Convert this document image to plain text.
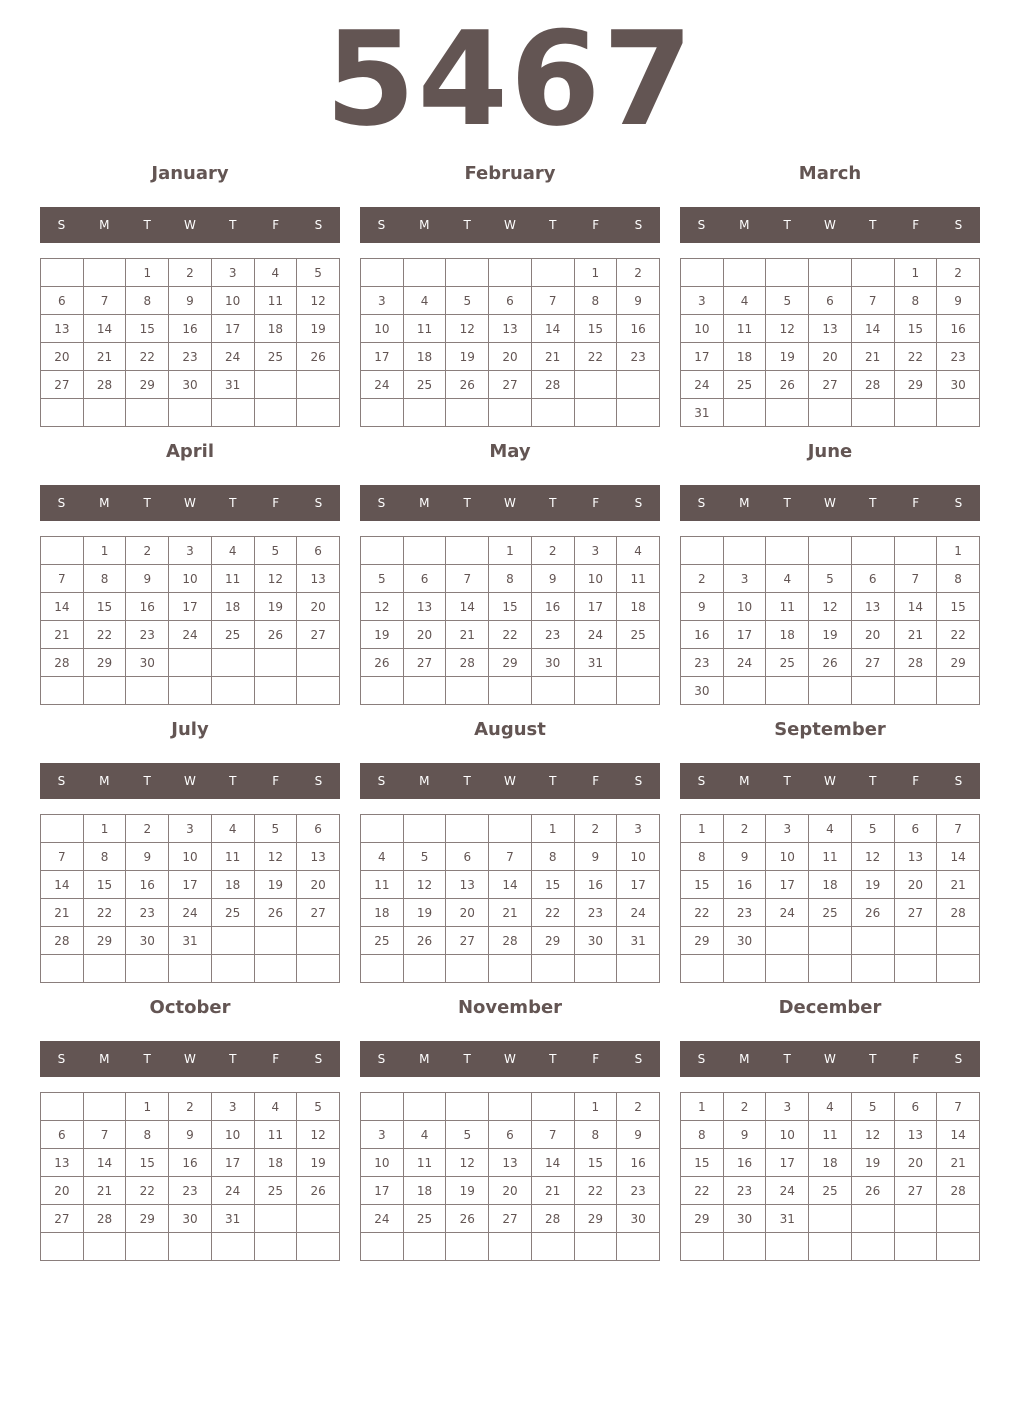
5467
January
S	M	T	W	T	F	S
		1	2	3	4	5
6	7	8	9	10	11	12
13	14	15	16	17	18	19
20	21	22	23	24	25	26
27	28	29	30	31		

February
S	M	T	W	T	F	S
					1	2
3	4	5	6	7	8	9
10	11	12	13	14	15	16
17	18	19	20	21	22	23
24	25	26	27	28		

March
S	M	T	W	T	F	S
					1	2
3	4	5	6	7	8	9
10	11	12	13	14	15	16
17	18	19	20	21	22	23
24	25	26	27	28	29	30
31						
April
S	M	T	W	T	F	S
	1	2	3	4	5	6
7	8	9	10	11	12	13
14	15	16	17	18	19	20
21	22	23	24	25	26	27
28	29	30				

May
S	M	T	W	T	F	S
			1	2	3	4
5	6	7	8	9	10	11
12	13	14	15	16	17	18
19	20	21	22	23	24	25
26	27	28	29	30	31	

June
S	M	T	W	T	F	S
						1
2	3	4	5	6	7	8
9	10	11	12	13	14	15
16	17	18	19	20	21	22
23	24	25	26	27	28	29
30						
July
S	M	T	W	T	F	S
	1	2	3	4	5	6
7	8	9	10	11	12	13
14	15	16	17	18	19	20
21	22	23	24	25	26	27
28	29	30	31			

August
S	M	T	W	T	F	S
				1	2	3
4	5	6	7	8	9	10
11	12	13	14	15	16	17
18	19	20	21	22	23	24
25	26	27	28	29	30	31

September
S	M	T	W	T	F	S
1	2	3	4	5	6	7
8	9	10	11	12	13	14
15	16	17	18	19	20	21
22	23	24	25	26	27	28
29	30					

October
S	M	T	W	T	F	S
		1	2	3	4	5
6	7	8	9	10	11	12
13	14	15	16	17	18	19
20	21	22	23	24	25	26
27	28	29	30	31		

November
S	M	T	W	T	F	S
					1	2
3	4	5	6	7	8	9
10	11	12	13	14	15	16
17	18	19	20	21	22	23
24	25	26	27	28	29	30

December
S	M	T	W	T	F	S
1	2	3	4	5	6	7
8	9	10	11	12	13	14
15	16	17	18	19	20	21
22	23	24	25	26	27	28
29	30	31				
